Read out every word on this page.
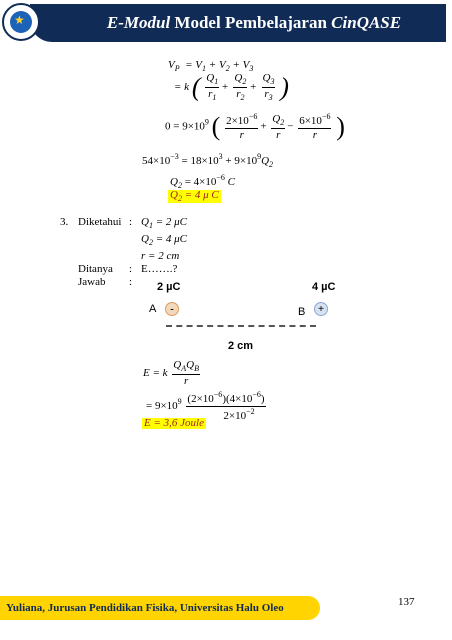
★	E-Modul Model Pembelajaran CinQASE
$V_P = V_1 + V_2 + V_3$
= k ( $\frac{Q_1}{r_1} + \frac{Q_2}{r_2} + \frac{Q_3}{r_3}$ )
$0 = 9\times 10^9$ ( $\frac{2\times 10^{-6}}{r} + \frac{Q_2}{r} - \frac{6\times 10^{-6}}{r}$ )
$54\times 10^{-3} = 18\times 10^3 + 9\times 10^9Q_2$
$Q_2 = 4\times 10^{-6}$ C
$Q_2 = 4$ μ C
3. Diketahui : $Q_1 = 2$ μC
$Q_2 = 4$ μC
r = 2 cm
Ditanya : E…….?
Jawab : 2 µC	4 µC
A	-	B +
2 cm
E = k $\frac{Q_AQ_B}{r}$
= $9\times 10^9 \frac{(2\times 10^{-6})(4\times 10^{-6})}{2\times 10^{-2}}$
E = 3,6 Joule
Yuliana, Jurusan Pendidikan Fisika, Universitas Halu Oleo	137
